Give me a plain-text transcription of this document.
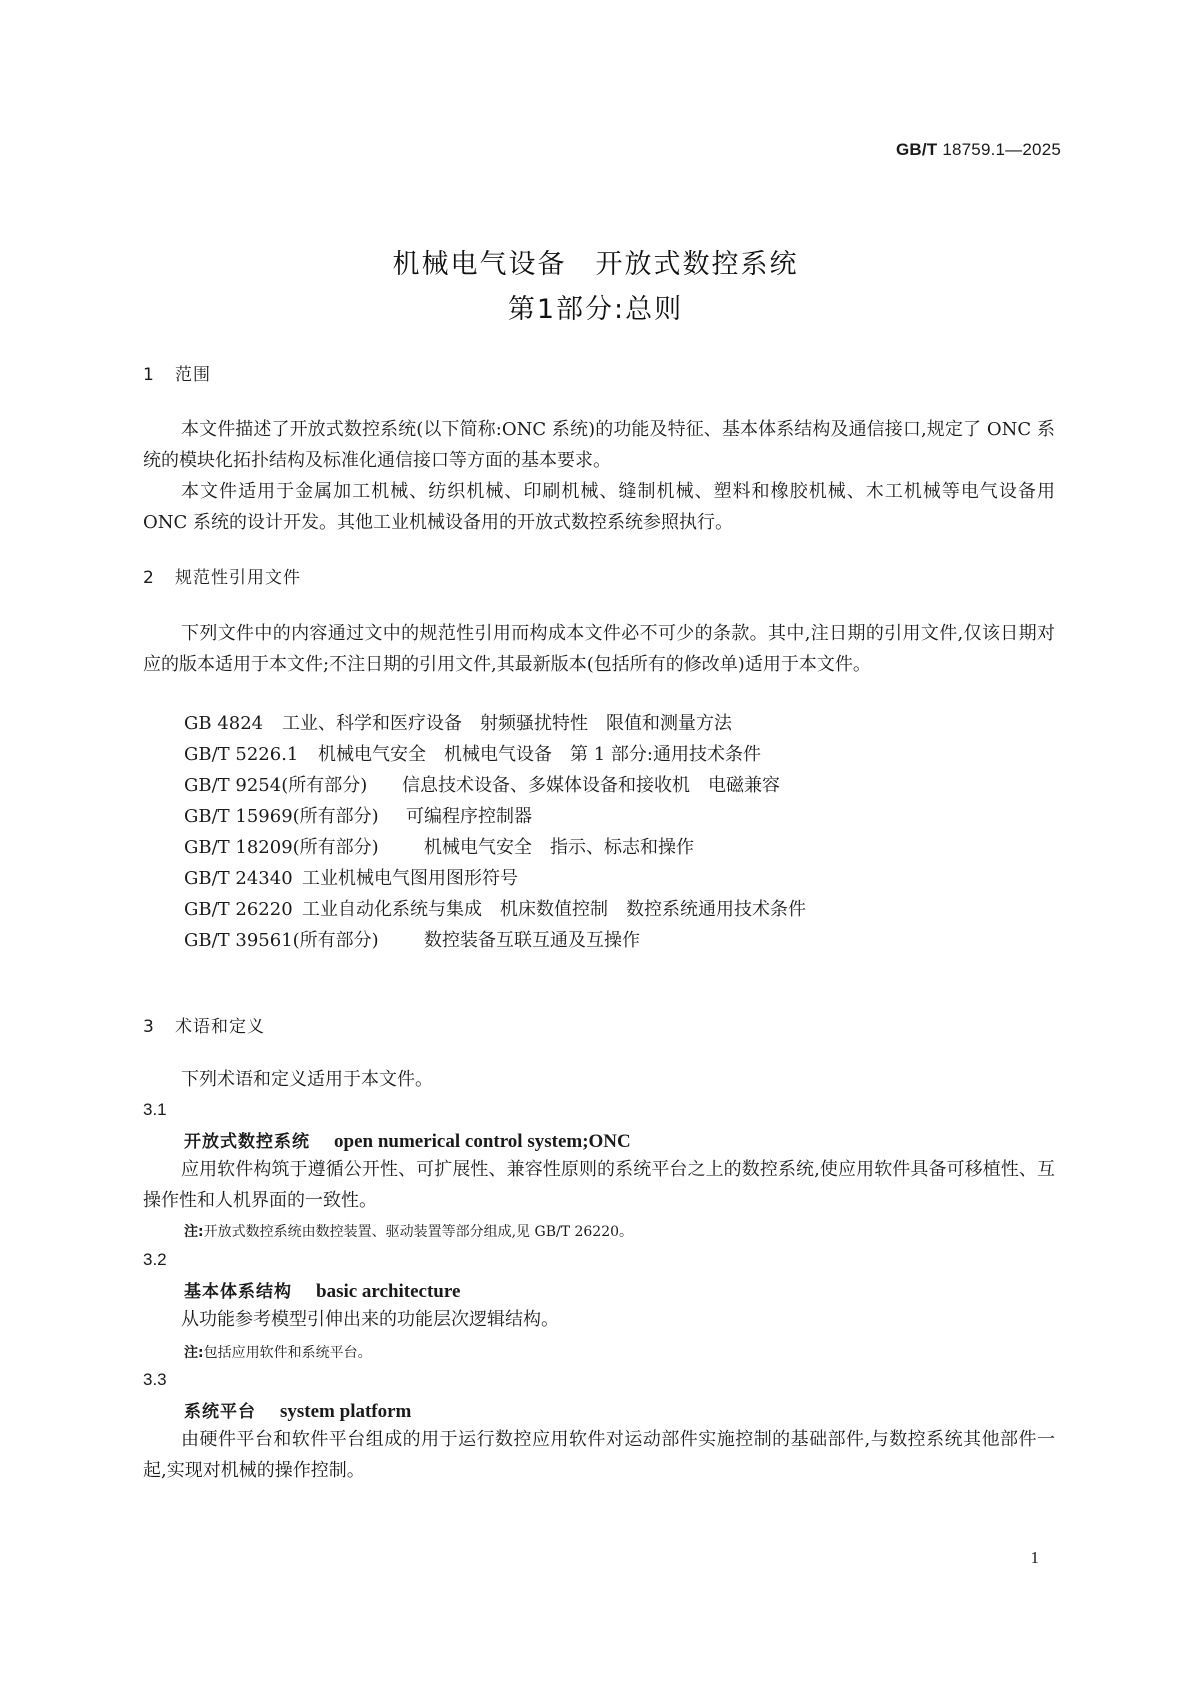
GB/T 18759.1—2025
机械电气设备　开放式数控系统
第1部分:总则
1 范围
本文件描述了开放式数控系统(以下简称:ONC 系统)的功能及特征、基本体系结构及通信接口,规定了 ONC 系统的模块化拓扑结构及标准化通信接口等方面的基本要求。
本文件适用于金属加工机械、纺织机械、印刷机械、缝制机械、塑料和橡胶机械、木工机械等电气设备用 ONC 系统的设计开发。其他工业机械设备用的开放式数控系统参照执行。
2 规范性引用文件
下列文件中的内容通过文中的规范性引用而构成本文件必不可少的条款。其中,注日期的引用文件,仅该日期对应的版本适用于本文件;不注日期的引用文件,其最新版本(包括所有的修改单)适用于本文件。
GB 4824 工业、科学和医疗设备　射频骚扰特性　限值和测量方法
GB/T 5226.1 机械电气安全　机械电气设备　第 1 部分:通用技术条件
GB/T 9254(所有部分) 信息技术设备、多媒体设备和接收机　电磁兼容
GB/T 15969(所有部分) 可编程序控制器
GB/T 18209(所有部分)	机械电气安全　指示、标志和操作
GB/T 24340 工业机械电气图用图形符号
GB/T 26220 工业自动化系统与集成　机床数值控制　数控系统通用技术条件
GB/T 39561(所有部分)	数控装备互联互通及互操作
3 术语和定义
下列术语和定义适用于本文件。
3.1
开放式数控系统 open numerical control system;ONC
应用软件构筑于遵循公开性、可扩展性、兼容性原则的系统平台之上的数控系统,使应用软件具备可移植性、互操作性和人机界面的一致性。
注:开放式数控系统由数控装置、驱动装置等部分组成,见 GB/T 26220。
3.2
基本体系结构 basic architecture
从功能参考模型引伸出来的功能层次逻辑结构。
注:包括应用软件和系统平台。
3.3
系统平台 system platform
由硬件平台和软件平台组成的用于运行数控应用软件对运动部件实施控制的基础部件,与数控系统其他部件一起,实现对机械的操作控制。
1
